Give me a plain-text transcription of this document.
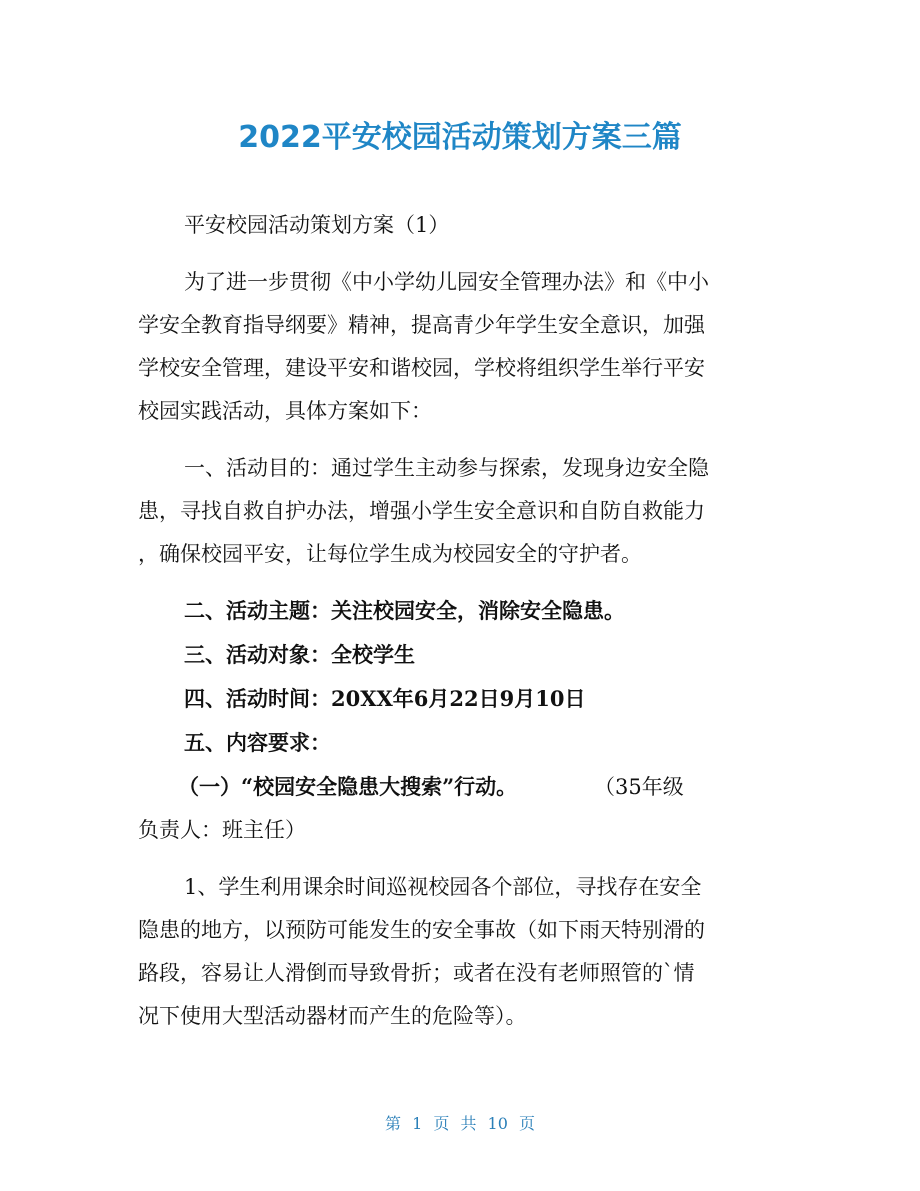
2022平安校园活动策划方案三篇
平安校园活动策划方案（1）
为了进一步贯彻《中小学幼儿园安全管理办法》和《中小
学安全教育指导纲要》精神，提高青少年学生安全意识，加强
学校安全管理，建设平安和谐校园，学校将组织学生举行平安
校园实践活动，具体方案如下：
一、活动目的：通过学生主动参与探索，发现身边安全隐
患，寻找自救自护办法，增强小学生安全意识和自防自救能力
，确保校园平安，让每位学生成为校园安全的守护者。
二、活动主题：关注校园安全，消除安全隐患。
三、活动对象：全校学生
四、活动时间：20XX年6月22日9月10日
五、内容要求：
（一）“校园安全隐患大搜索”行动。	（35年级
负责人：班主任）
1、学生利用课余时间巡视校园各个部位，寻找存在安全
隐患的地方，以预防可能发生的安全事故（如下雨天特别滑的
路段，容易让人滑倒而导致骨折；或者在没有老师照管的`情
况下使用大型活动器材而产生的危险等）。
第 1 页 共 10 页
